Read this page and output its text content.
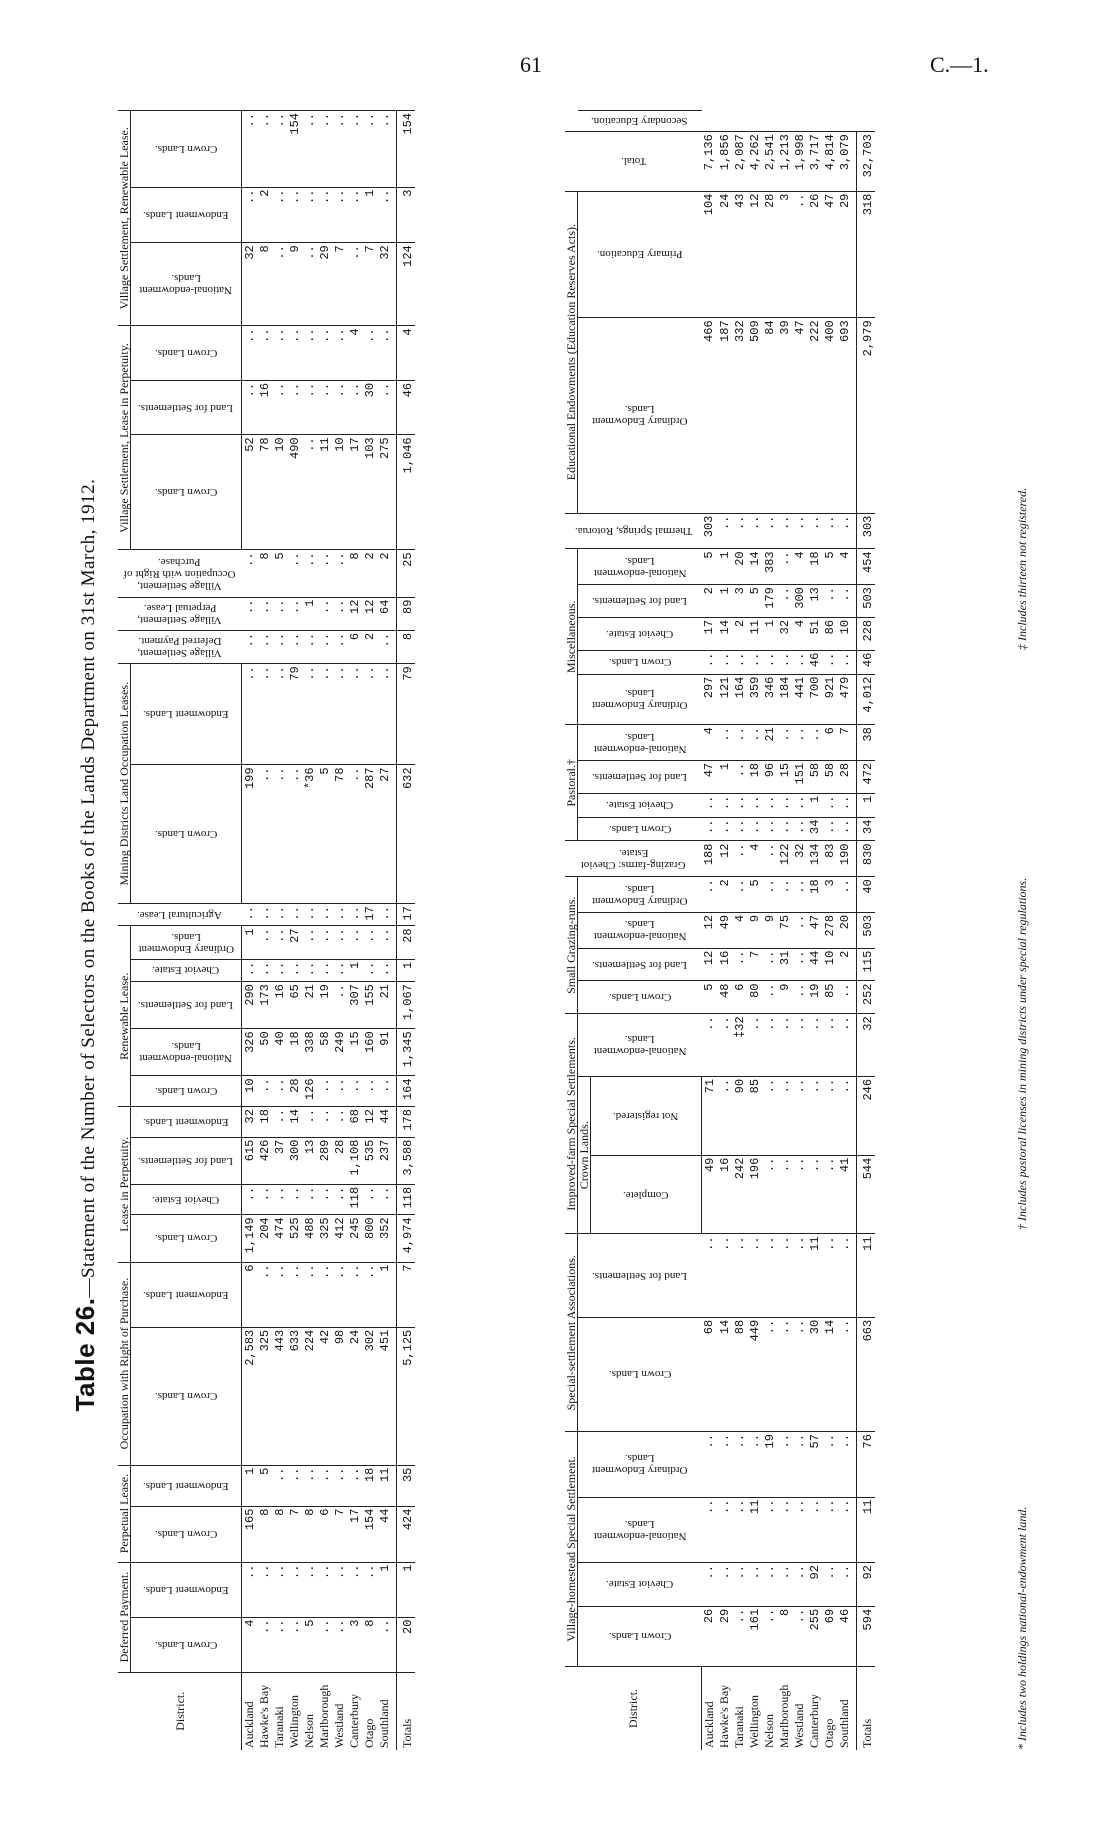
61	C.—1.
Table 26.—Statement of the Number of Selectors on the Books of the Lands Department on 31st March, 1912.
District.	Deferred Payment.		Perpetual Lease.		Occupation with Right of Purchase.		Lease in Perpetuity.				Renewable Lease.					Agricultural Lease.	Mining Districts Land Occupation Leases.		Village Settlement, Deferred Payment.	Village Settlement, Perpetual Lease.	Village Settlement, Occupation with Right of Purchase.	Village Settlement, Lease in Perpetuity.			Village Settlement, Renewable Lease.		

	Crown Lands.	Endowment Lands.	Crown Lands.	Endowment Lands.	Crown Lands.	Endowment Lands.	Crown Lands.	Cheviot Estate.	Land for Settlements.	Endowment Lands.	Crown Lands.	National-endowment Lands.	Land for Settlements.	Cheviot Estate.	Ordinary Endowment Lands.		Crown Lands.	Endowment Lands.				Crown Lands.	Land for Settlements.	Crown Lands.	National-endowment Lands.	Endowment Lands.	Crown Lands.

Auckland	4	..	165	1	2,583	6	1,149	..	615	32	10	326	290	..	1	..	199	..	..	..	..	52	..	..	32	..	..
Hawke's Bay	..	..	8	5	325	..	204	..	426	18	..	50	173	..	..	..	..	..	..	..	8	78	16	..	8	2	..
Taranaki	..	..	8	..	443	..	474	..	37	..	..	40	16	..	..	..	..	..	..	..	5	10	..	..	..	..	..
Wellington	..	..	7	..	633	..	525	..	300	14	28	18	65	..	27	..	..	79	..	..	..	490	..	..	9	..	154
Nelson	5	..	8	..	224	..	488	..	13	..	126	338	21	..	..	..	*36	..	..	1	..	..	..	..	..	..	..
Marlborough	..	..	6	..	42	..	325	..	289	..	..	58	19	..	..	..	5	..	..	..	..	11	..	..	29	..	..
Westland	..	..	7	..	98	..	412	..	28	..	..	249	..	..	..	..	78	..	..	..	..	10	..	..	7	..	..
Canterbury	3	..	17	..	24	..	245	118	1,108	68	..	15	307	1	..	..	..	..	6	12	8	17	..	4	..	..	..
Otago	8	..	154	18	302	..	800	..	535	12	..	160	155	..	..	17	287	..	2	12	2	103	30	..	7	1	..
Southland	..	1	44	11	451	1	352	..	237	44	..	91	21	..	..	..	27	..	..	64	2	275	..	..	32	..	..
Totals	20	1	424	35	5,125	7	4,974	118	3,588	178	164	1,345	1,067	1	28	17	632	79	8	89	25	1,046	46	4	124	3	154
District.	Village-homestead Special Settlement.				Special-settlement Associations.		Improved-farm Special Settlements.			Small Grazing-runs.				Grazing-farms: Cheviot Estate.	Pastoral.†				Miscellaneous.					Thermal Springs, Rotorua.	Educational Endowments (Education Reserves Acts).		Total.	

	Crown Lands.	Cheviot Estate.	National-endowment Lands.	Ordinary Endowment Lands.	Crown Lands.	Land for Settlements.	Crown Lands.		National-endowment Lands.	Crown Lands.	Land for Settlements.	National-endowment Lands.	Ordinary Endowment Lands.		Crown Lands.	Cheviot Estate.	Land for Settlements.	National-endowment Lands.	Ordinary Endowment Lands.	Crown Lands.	Cheviot Estate.	Land for Settlements.	National-endowment Lands.		Ordinary Endowment Lands.	Primary Education.		Secondary Education.

							Complete.	Not registered.																				

Auckland	26	..	..	..	68	..	49	71	..	5	12	12	..	188	..	..	47	4	297	..	17	2	5	303	466	104	7,136	
Hawke's Bay	29	..	..	..	14	..	16	..	..	48	16	49	2	12	..	..	1	..	121	..	14	1	1	..	187	24	1,856	
Taranaki	..	..	..	..	88	..	242	90	‡32	6	..	4	..	..	..	..	..	..	164	..	2	3	20	..	332	43	2,087	
Wellington	161	..	11	..	449	..	196	85	..	80	7	9	5	4	..	..	18	..	359	..	11	5	14	..	509	12	4,262	
Nelson	..	..	..	19	..	..	..	..	..	..	..	9	..	..	..	..	96	21	346	..	1	179	383	..	84	28	2,541	
Marlborough	8	..	..	..	..	..	..	..	..	9	31	75	..	122	..	..	15	..	184	..	32	..	..	..	39	3	1,213	
Westland	..	..	..	..	..	..	..	..	..	..	..	..	..	32	..	..	151	..	441	..	4	300	4	..	47	..	1,998	
Canterbury	255	92	..	57	30	11	..	..	..	19	44	47	18	134	34	1	58	..	700	46	51	13	18	..	222	26	3,717	
Otago	69	..	..	..	14	..	..	..	..	85	10	278	3	83	..	..	58	6	921	..	86	..	5	..	400	47	4,814	
Southland	46	..	..	..	..	..	41	..	..	..	2	20	..	190	..	..	28	7	479	..	10	..	4	..	693	29	3,079	
Totals	594	92	11	76	663	11	544	246	32	252	115	503	40	830	34	1	472	38	4,012	46	228	503	454	303	2,979	318	32,703	
* Includes two holdings national-endowment land.
† Includes pastoral licenses in mining districts under special regulations.
‡ Includes thirteen not registered.
